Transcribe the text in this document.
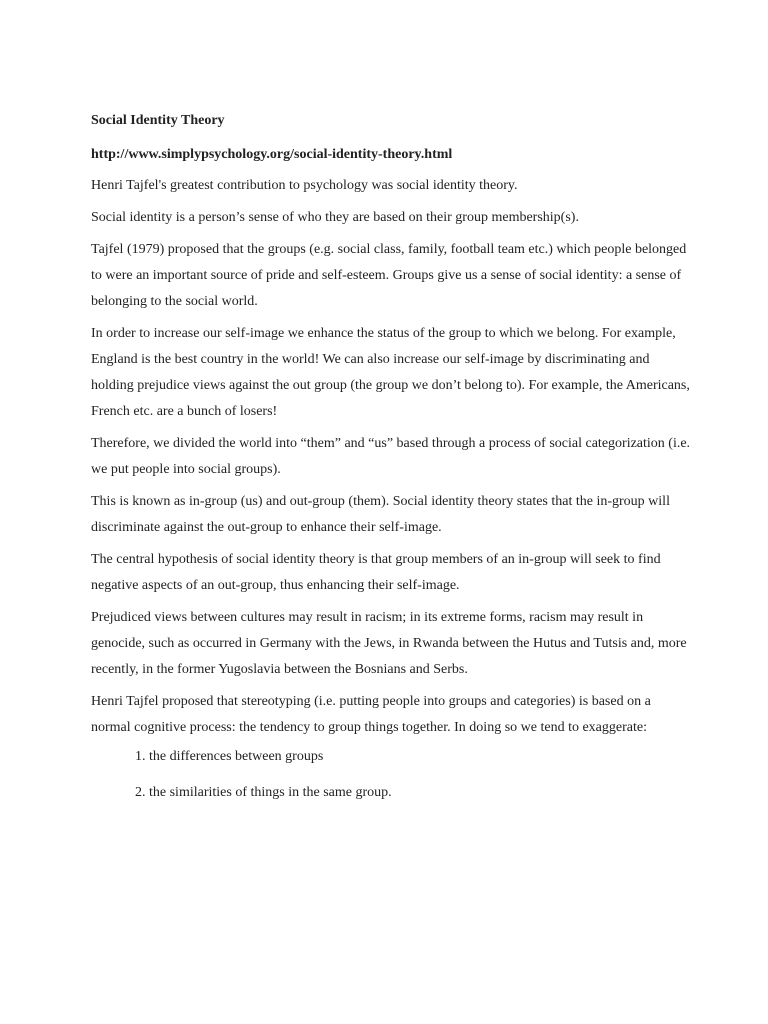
Social Identity Theory
http://www.simplypsychology.org/social-identity-theory.html

Henri Tajfel's greatest contribution to psychology was social identity theory.

Social identity is a person’s sense of who they are based on their group membership(s).

Tajfel (1979) proposed that the groups (e.g. social class, family, football team etc.) which people belonged to were an important source of pride and self-esteem. Groups give us a sense of social identity: a sense of belonging to the social world.

In order to increase our self-image we enhance the status of the group to which we belong. For example, England is the best country in the world! We can also increase our self-image by discriminating and holding prejudice views against the out group (the group we don’t belong to). For example, the Americans, French etc. are a bunch of losers!

Therefore, we divided the world into “them” and “us” based through a process of social categorization (i.e. we put people into social groups).

This is known as in-group (us) and out-group (them). Social identity theory states that the in-group will discriminate against the out-group to enhance their self-image.

The central hypothesis of social identity theory is that group members of an in-group will seek to find negative aspects of an out-group, thus enhancing their self-image.

Prejudiced views between cultures may result in racism; in its extreme forms, racism may result in genocide, such as occurred in Germany with the Jews, in Rwanda between the Hutus and Tutsis and, more recently, in the former Yugoslavia between the Bosnians and Serbs.

Henri Tajfel proposed that stereotyping (i.e. putting people into groups and categories) is based on a normal cognitive process: the tendency to group things together. In doing so we tend to exaggerate:

1. the differences between groups
2. the similarities of things in the same group.
